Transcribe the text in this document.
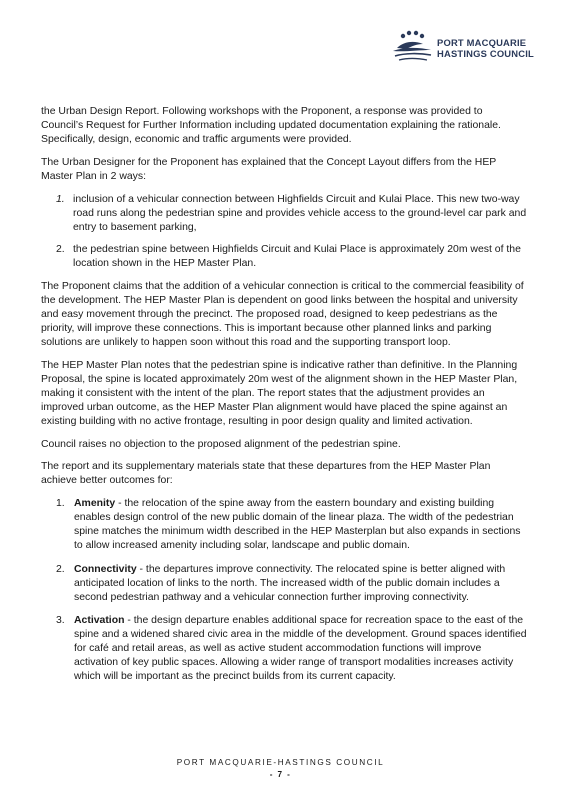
PORT MACQUARIE
HASTINGS COUNCIL

the Urban Design Report. Following workshops with the Proponent, a response was provided to Council’s Request for Further Information including updated documentation explaining the rationale. Specifically, design, economic and traffic arguments were provided.

The Urban Designer for the Proponent has explained that the Concept Layout differs from the HEP Master Plan in 2 ways:

1. inclusion of a vehicular connection between Highfields Circuit and Kulai Place. This new two-way road runs along the pedestrian spine and provides vehicle access to the ground-level car park and entry to basement parking,
2. the pedestrian spine between Highfields Circuit and Kulai Place is approximately 20m west of the location shown in the HEP Master Plan.

The Proponent claims that the addition of a vehicular connection is critical to the commercial feasibility of the development. The HEP Master Plan is dependent on good links between the hospital and university and easy movement through the precinct. The proposed road, designed to keep pedestrians as the priority, will improve these connections. This is important because other planned links and parking solutions are unlikely to happen soon without this road and the supporting transport loop.

The HEP Master Plan notes that the pedestrian spine is indicative rather than definitive. In the Planning Proposal, the spine is located approximately 20m west of the alignment shown in the HEP Master Plan, making it consistent with the intent of the plan. The report states that the adjustment provides an improved urban outcome, as the HEP Master Plan alignment would have placed the spine against an existing building with no active frontage, resulting in poor design quality and limited activation.

Council raises no objection to the proposed alignment of the pedestrian spine.

The report and its supplementary materials state that these departures from the HEP Master Plan achieve better outcomes for:

1. Amenity - the relocation of the spine away from the eastern boundary and existing building enables design control of the new public domain of the linear plaza. The width of the pedestrian spine matches the minimum width described in the HEP Masterplan but also expands in sections to allow increased amenity including solar, landscape and public domain.
2. Connectivity - the departures improve connectivity. The relocated spine is better aligned with anticipated location of links to the north. The increased width of the public domain includes a second pedestrian pathway and a vehicular connection further improving connectivity.
3. Activation - the design departure enables additional space for recreation space to the east of the spine and a widened shared civic area in the middle of the development. Ground spaces identified for café and retail areas, as well as active student accommodation functions will improve activation of key public spaces. Allowing a wider range of transport modalities increases activity which will be important as the precinct builds from its current capacity.
PORT MACQUARIE-HASTINGS COUNCIL
- 7 -
